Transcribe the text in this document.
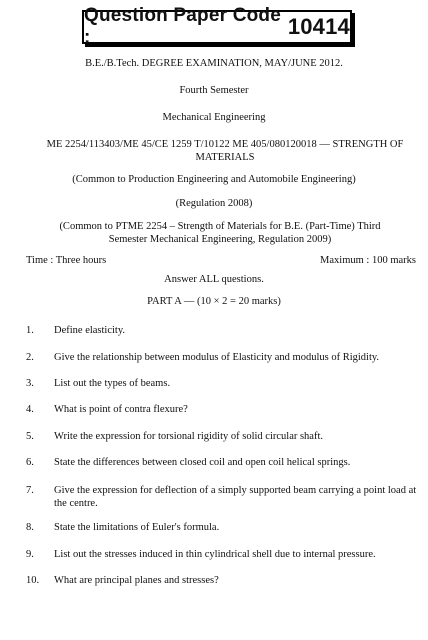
Question Paper Code :	10414
B.E./B.Tech. DEGREE EXAMINATION, MAY/JUNE 2012.
Fourth Semester
Mechanical Engineering
ME 2254/113403/ME 45/CE 1259 T/10122 ME 405/080120018 — STRENGTH OF MATERIALS
(Common to Production Engineering and Automobile Engineering)
(Regulation 2008)
(Common to PTME 2254 – Strength of Materials for B.E. (Part-Time) Third Semester Mechanical Engineering, Regulation 2009)
Time : Three hours	Maximum : 100 marks
Answer ALL questions.
PART A — (10 × 2 = 20 marks)
1.	Define elasticity.
2.	Give the relationship between modulus of Elasticity and modulus of Rigidity.
3.	List out the types of beams.
4.	What is point of contra flexure?
5.	Write the expression for torsional rigidity of solid circular shaft.
6.	State the differences between closed coil and open coil helical springs.
7.	Give the expression for deflection of a simply supported beam carrying a point load at the centre.
8.	State the limitations of Euler's formula.
9.	List out the stresses induced in thin cylindrical shell due to internal pressure.
10.	What are principal planes and stresses?
